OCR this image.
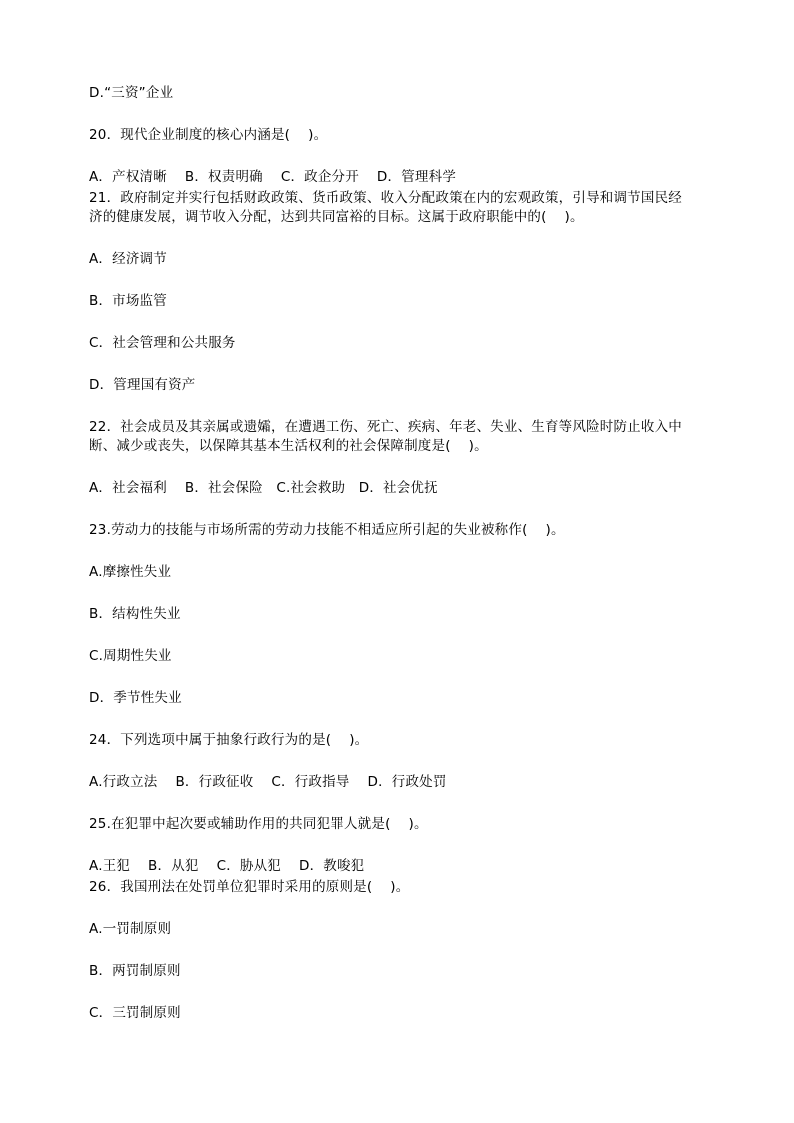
D.“三资”企业
20．现代企业制度的核心内涵是(    )。
A．产权清晰    B．权责明确    C．政企分开    D．管理科学
21．政府制定并实行包括财政政策、货币政策、收入分配政策在内的宏观政策，引导和调节国民经
济的健康发展，调节收入分配，达到共同富裕的目标。这属于政府职能中的(    )。
A．经济调节
B．市场监管
C．社会管理和公共服务
D．管理国有资产
22．社会成员及其亲属或遗孀，在遭遇工伤、死亡、疾病、年老、失业、生育等风险时防止收入中
断、减少或丧失，以保障其基本生活权利的社会保障制度是(    )。
A．社会福利    B．社会保险   C.社会救助   D．社会优抚
23.劳动力的技能与市场所需的劳动力技能不相适应所引起的失业被称作(    )。
A.摩擦性失业
B．结构性失业
C.周期性失业
D．季节性失业
24．下列选项中属于抽象行政行为的是(    )。
A.行政立法    B．行政征收    C．行政指导    D．行政处罚
25.在犯罪中起次要或辅助作用的共同犯罪人就是(    )。
A.王犯    B．从犯    C．胁从犯    D．教唆犯
26．我国刑法在处罚单位犯罪时采用的原则是(    )。
A.一罚制原则
B．两罚制原则
C．三罚制原则
